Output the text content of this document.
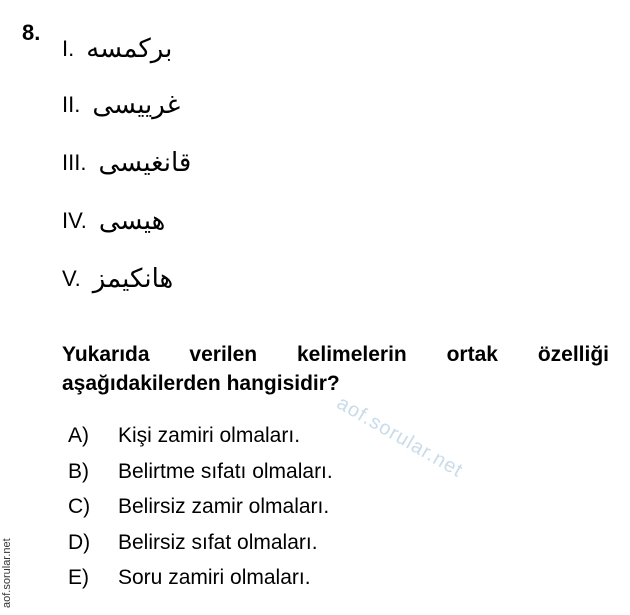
8.
I. برکمسه
II. غرییسی
III. قانغیسی
IV. هیسی
V. هانکیمز
Yukarıda verilen kelimelerin ortak özelliği
aşağıdakilerden hangisidir?
aof.sorular.net
A) Kişi zamiri olmaları.
B) Belirtme sıfatı olmaları.
C) Belirsiz zamir olmaları.
D) Belirsiz sıfat olmaları.
E) Soru zamiri olmaları.
aof.sorular.net
